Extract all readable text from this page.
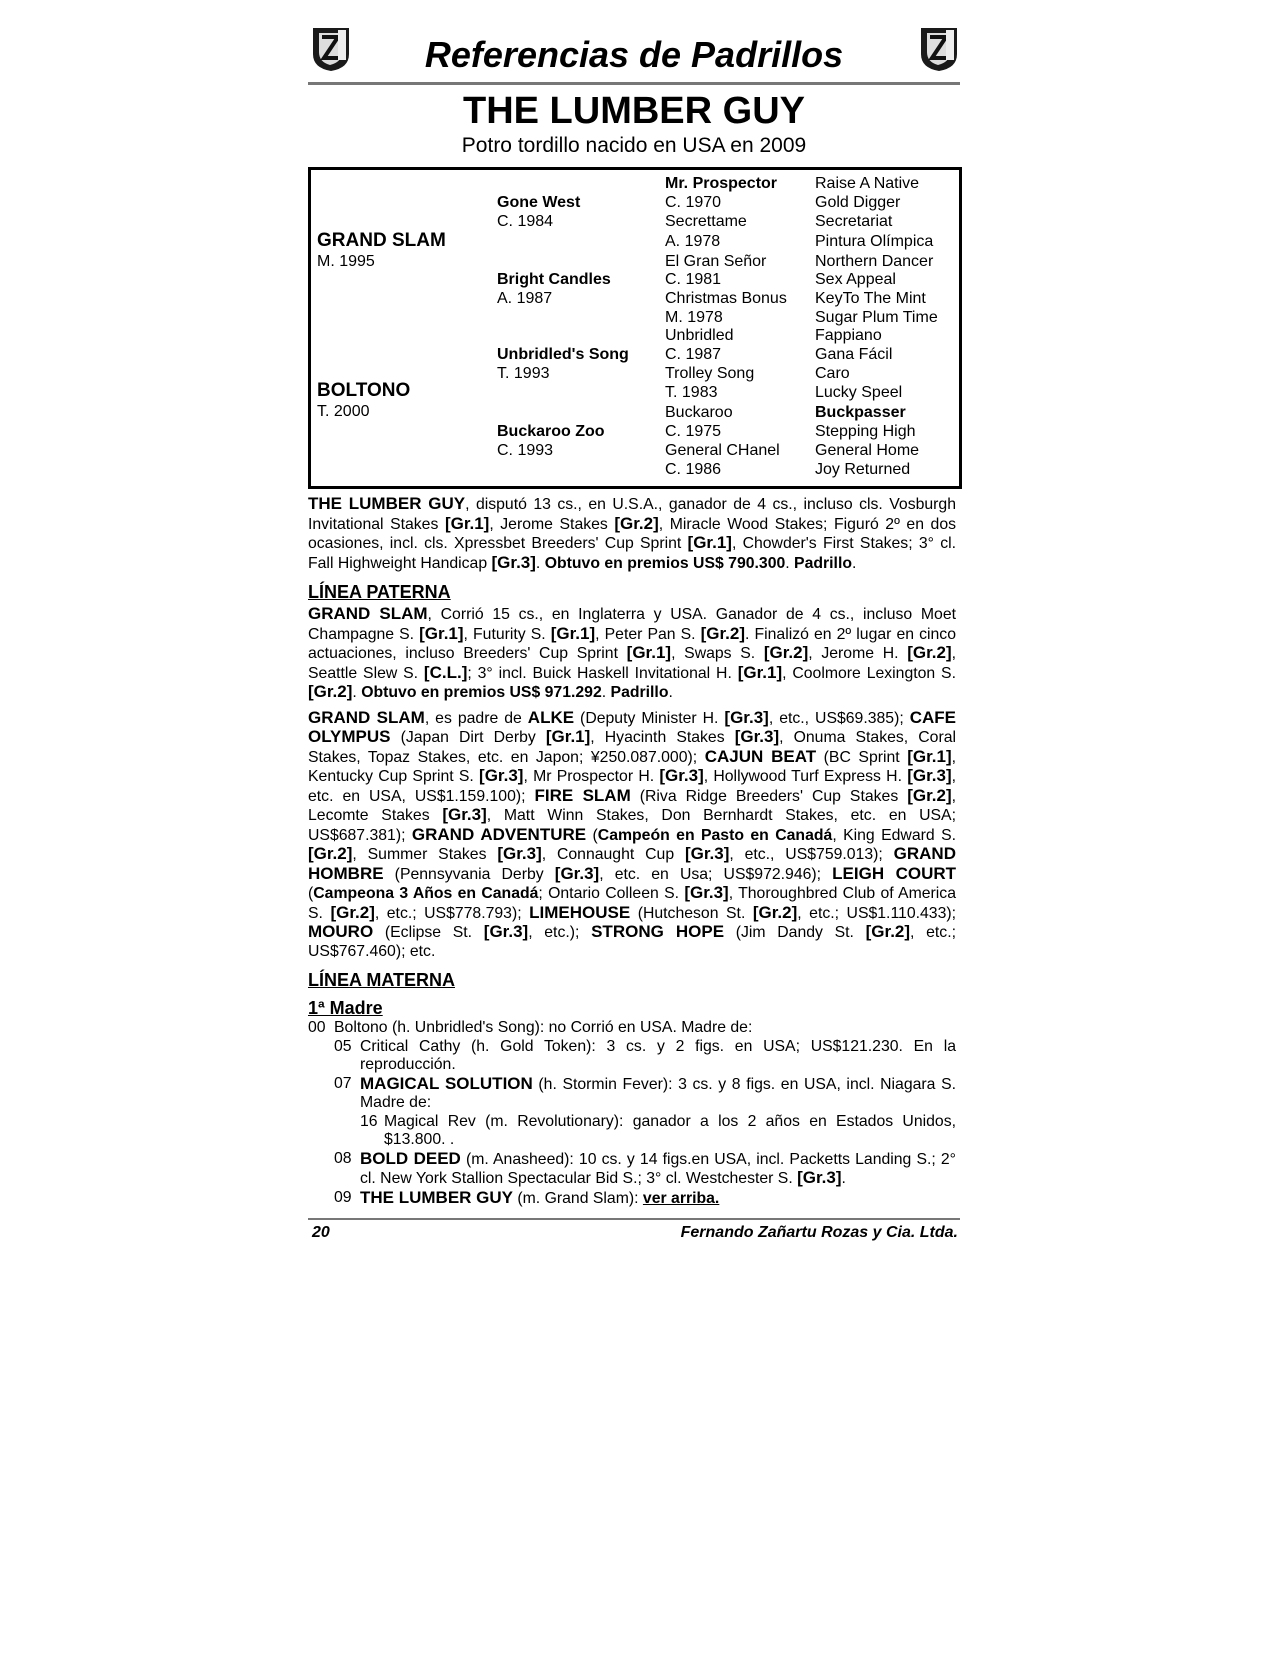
Referencias de Padrillos
THE LUMBER GUY
Potro tordillo nacido en USA en 2009
GRAND SLAM
M. 1995
BOLTONO
T. 2000
Gone West
C. 1984
Bright Candles
A. 1987
Unbridled's Song
T. 1993
Buckaroo Zoo
C. 1993
Mr. Prospector
C. 1970
Secrettame
A. 1978
El Gran Señor
C. 1981
Christmas Bonus
M. 1978
Unbridled
C. 1987
Trolley Song
T. 1983
Buckaroo
C. 1975
General CHanel
C. 1986
Raise A Native
Gold Digger
Secretariat
Pintura Olímpica
Northern Dancer
Sex Appeal
KeyTo The Mint
Sugar Plum Time
Fappiano
Gana Fácil
Caro
Lucky Speel
Buckpasser
Stepping High
General Home
Joy Returned

THE LUMBER GUY, disputó 13 cs., en U.S.A., ganador de 4 cs., incluso cls. Vosburgh Invitational Stakes [Gr.1], Jerome Stakes [Gr.2], Miracle Wood Stakes; Figuró 2º en dos ocasiones, incl. cls. Xpressbet Breeders' Cup Sprint [Gr.1], Chowder's First Stakes; 3° cl. Fall Highweight Handicap [Gr.3]. Obtuvo en premios US$ 790.300. Padrillo.

LÍNEA PATERNA

GRAND SLAM, Corrió 15 cs., en Inglaterra y USA. Ganador de 4 cs., incluso Moet Champagne S. [Gr.1], Futurity S. [Gr.1], Peter Pan S. [Gr.2]. Finalizó en 2º lugar en cinco actuaciones, incluso Breeders' Cup Sprint [Gr.1], Swaps S. [Gr.2], Jerome H. [Gr.2], Seattle Slew S. [C.L.]; 3° incl. Buick Haskell Invitational H. [Gr.1], Coolmore Lexington S. [Gr.2]. Obtuvo en premios US$ 971.292. Padrillo.

GRAND SLAM, es padre de ALKE (Deputy Minister H. [Gr.3], etc., US$69.385); CAFE OLYMPUS (Japan Dirt Derby [Gr.1], Hyacinth Stakes [Gr.3], Onuma Stakes, Coral Stakes, Topaz Stakes, etc. en Japon; ¥250.087.000); CAJUN BEAT (BC Sprint [Gr.1], Kentucky Cup Sprint S. [Gr.3], Mr Prospector H. [Gr.3], Hollywood Turf Express H. [Gr.3], etc. en USA, US$1.159.100); FIRE SLAM (Riva Ridge Breeders' Cup Stakes [Gr.2], Lecomte Stakes [Gr.3], Matt Winn Stakes, Don Bernhardt Stakes, etc. en USA; US$687.381); GRAND ADVENTURE (Campeón en Pasto en Canadá, King Edward S. [Gr.2], Summer Stakes [Gr.3], Connaught Cup [Gr.3], etc., US$759.013); GRAND HOMBRE (Pennsyvania Derby [Gr.3], etc. en Usa; US$972.946); LEIGH COURT (Campeona 3 Años en Canadá; Ontario Colleen S. [Gr.3], Thoroughbred Club of America S. [Gr.2], etc.; US$778.793); LIMEHOUSE (Hutcheson St. [Gr.2], etc.; US$1.110.433); MOURO (Eclipse St. [Gr.3], etc.); STRONG HOPE (Jim Dandy St. [Gr.2], etc.; US$767.460); etc.

LÍNEA MATERNA
1ª Madre
00 Boltono (h. Unbridled's Song): no Corrió en USA. Madre de:
05 Critical Cathy (h. Gold Token): 3 cs. y 2 figs. en USA; US$121.230. En la reproducción.
07 MAGICAL SOLUTION (h. Stormin Fever): 3 cs. y 8 figs. en USA, incl. Niagara S. Madre de:
16 Magical Rev (m. Revolutionary): ganador a los 2 años en Estados Unidos, $13.800. .
08 BOLD DEED (m. Anasheed): 10 cs. y 14 figs.en USA, incl. Packetts Landing S.; 2° cl. New York Stallion Spectacular Bid S.; 3° cl. Westchester S. [Gr.3].
09 THE LUMBER GUY (m. Grand Slam): ver arriba.
20	Fernando Zañartu Rozas y Cia. Ltda.
